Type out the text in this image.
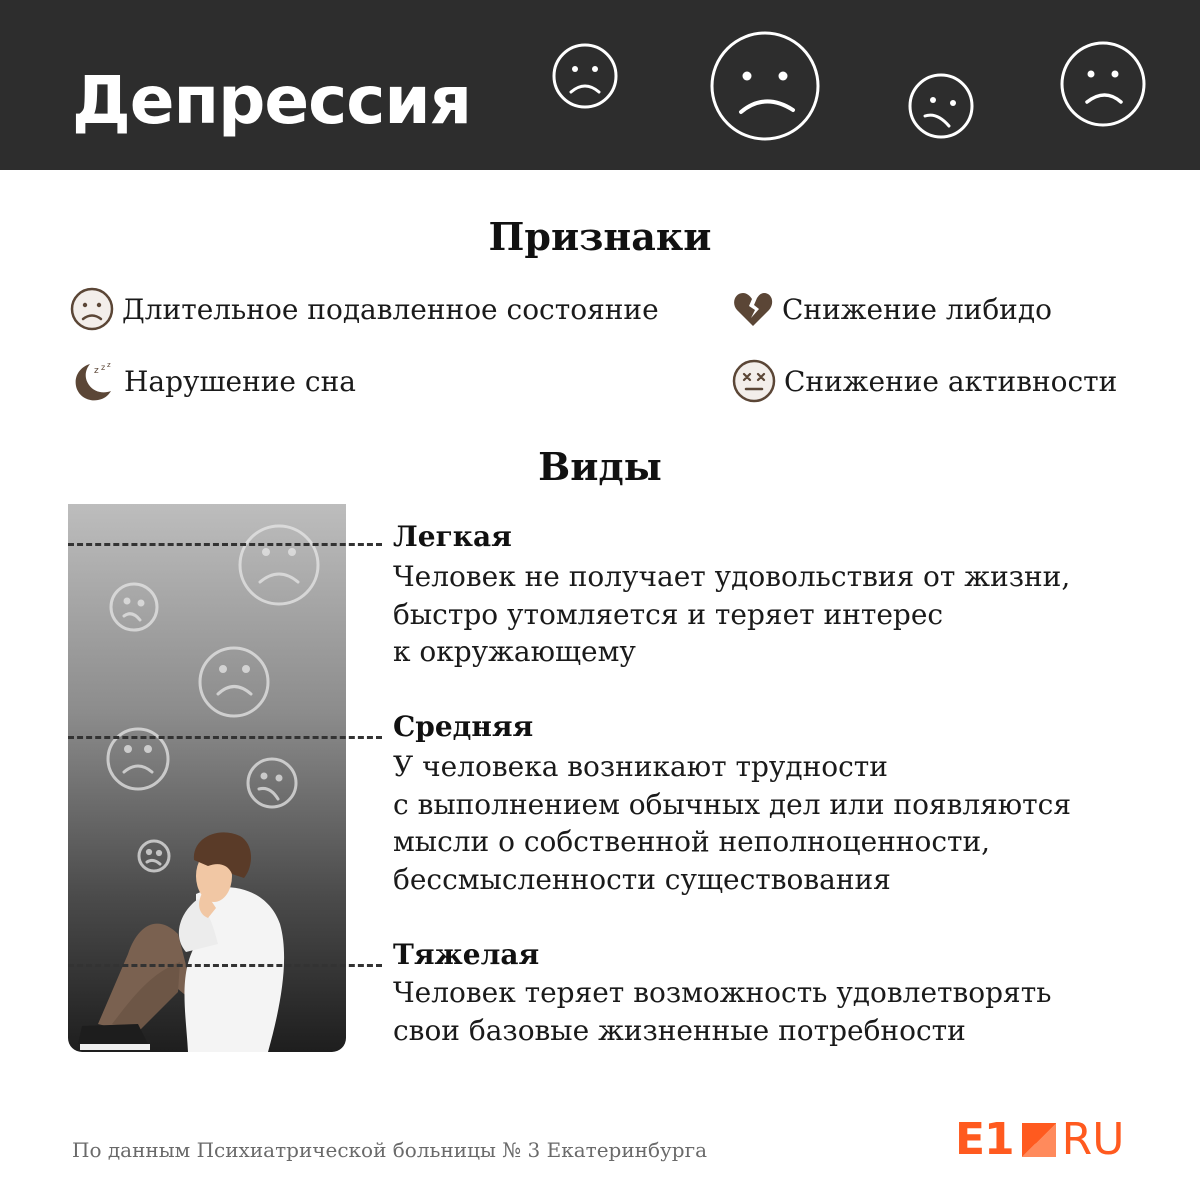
Депрессия
Признаки
Длительное подавленное состояние	Снижение либидо
z z z Нарушение сна	Снижение активности
Виды

Легкая

Человек не получает удовольствия от жизни,
быстро утомляется и теряет интерес
к окружающему

Средняя

У человека возникают трудности
с выполнением обычных дел или появляются
мысли о собственной неполноценности,
бессмысленности существования

Тяжелая

Человек теряет возможность удовлетворять
свои базовые жизненные потребности

По данным Психиатрической больницы № 3 Екатеринбурга	E1 RU
